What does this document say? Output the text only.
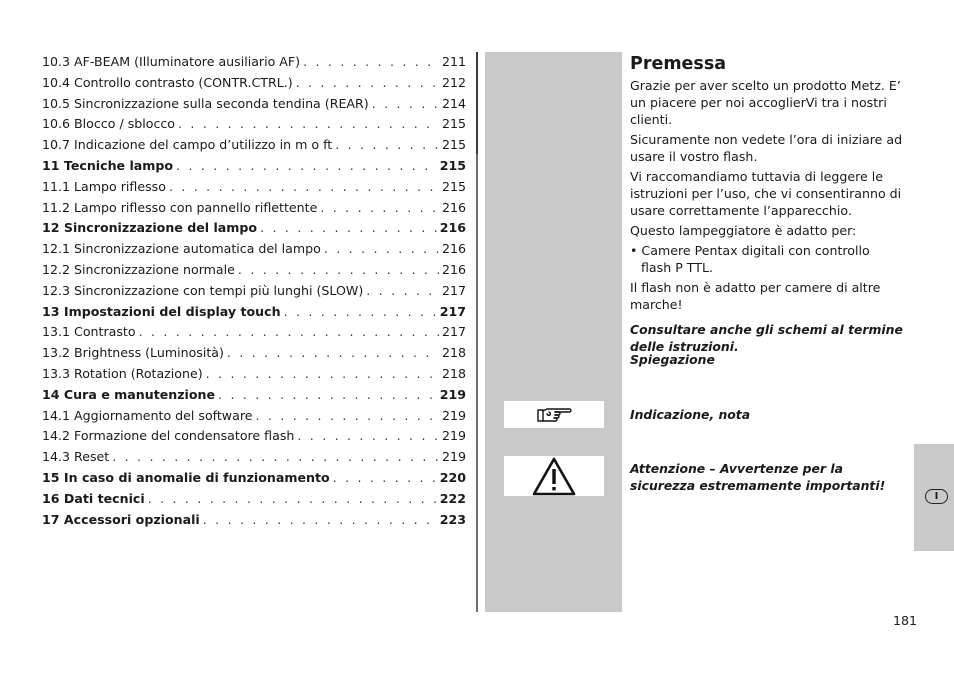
10.3 AF-BEAM (Illuminatore ausiliario AF) . . .	211
10.4 Controllo contrasto (CONTR.CTRL.) . . .	212
10.5 Sincronizzazione sulla seconda tendina (REAR) . . .	214
10.6 Blocco / sblocco . . .	215
10.7 Indicazione del campo d’utilizzo in m o ft . . .	215
11 Tecniche lampo . . .	215
11.1 Lampo riflesso . . .	215
11.2 Lampo riflesso con pannello riflettente . . .	216
12 Sincronizzazione del lampo . . .	216
12.1 Sincronizzazione automatica del lampo . . .	216
12.2 Sincronizzazione normale . . .	216
12.3 Sincronizzazione con tempi più lunghi (SLOW) . . .	217
13 Impostazioni del display touch . . .	217
13.1 Contrasto . . .	217
13.2 Brightness (Luminosità) . . .	218
13.3 Rotation (Rotazione) . . .	218
14 Cura e manutenzione . . .	219
14.1 Aggiornamento del software . . .	219
14.2 Formazione del condensatore flash . . .	219
14.3 Reset . . .	219
15 In caso di anomalie di funzionamento . . .	220
16 Dati tecnici . . .	222
17 Accessori opzionali . . .	223
Premessa

Grazie per aver scelto un prodotto Metz. E’ un piacere per noi accoglierVi tra i nostri clienti.

Sicuramente non vedete l’ora di iniziare ad usare il vostro flash.

Vi raccomandiamo tuttavia di leggere le istruzioni per l’uso, che vi consentiranno di usare correttamente l’apparecchio.

Questo lampeggiatore è adatto per:

• Camere Pentax digitali con controllo flash P TTL.

Il flash non è adatto per camere di altre marche!

Consultare anche gli schemi al termine delle istruzioni.
Spiegazione
Indicazione, nota
Attenzione – Avvertenze per la sicurezza estremamente importanti!
I
181
